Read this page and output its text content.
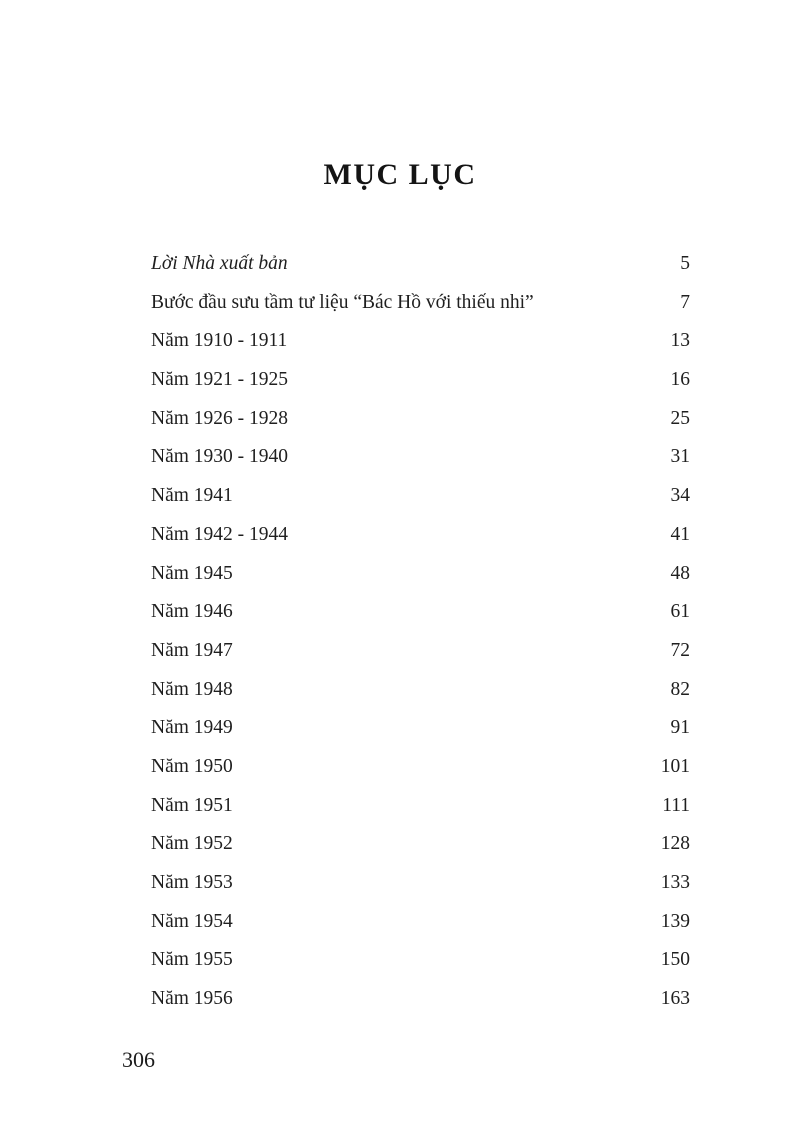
MỤC LỤC
Lời Nhà xuất bản	5
Bước đầu sưu tầm tư liệu “Bác Hồ với thiếu nhi”	7
Năm 1910 - 1911	13
Năm 1921 - 1925	16
Năm 1926 - 1928	25
Năm 1930 - 1940	31
Năm 1941	34
Năm 1942 - 1944	41
Năm 1945	48
Năm 1946	61
Năm 1947	72
Năm 1948	82
Năm 1949	91
Năm 1950	101
Năm 1951	111
Năm 1952	128
Năm 1953	133
Năm 1954	139
Năm 1955	150
Năm 1956	163
306
